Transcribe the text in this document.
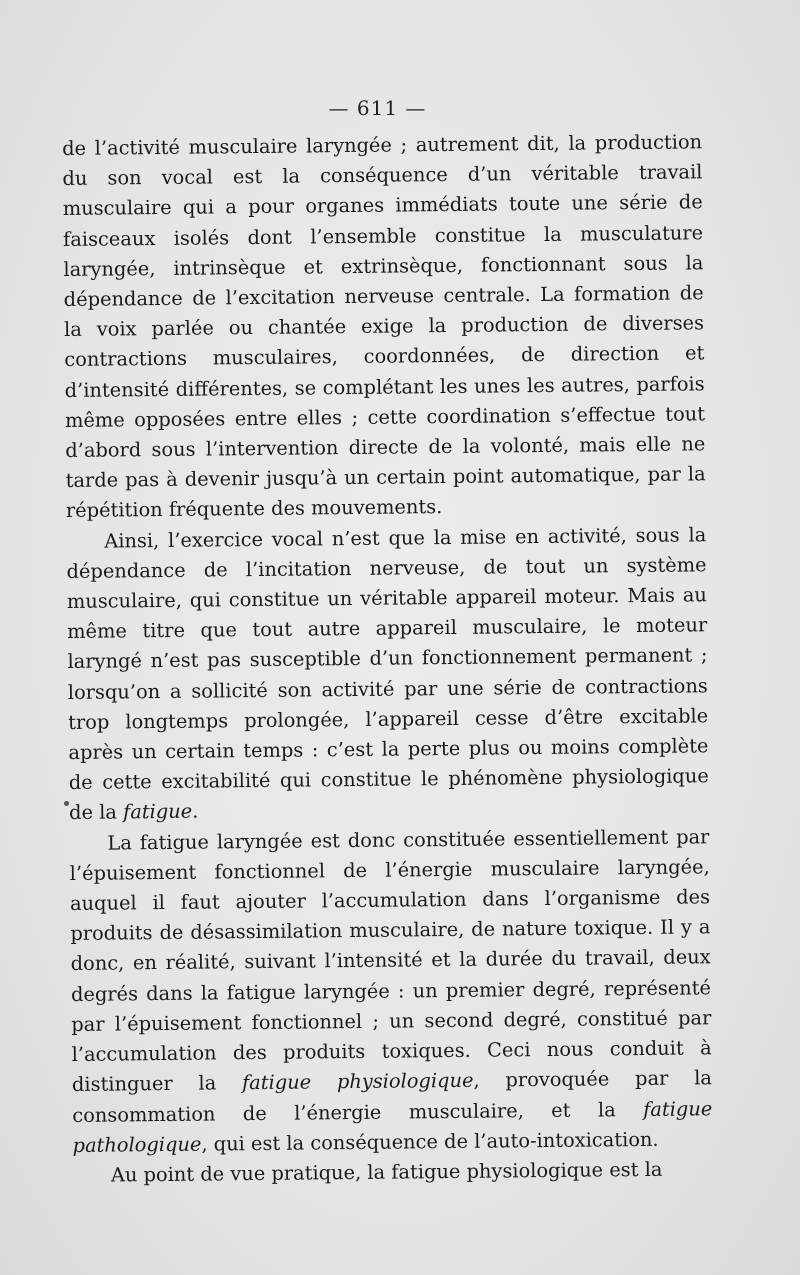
— 611 —

de l’activité musculaire laryngée ; autrement dit, la production du son vocal est la conséquence d’un véritable travail musculaire qui a pour organes immédiats toute une série de faisceaux isolés dont l’ensemble constitue la musculature laryngée, intrinsèque et extrinsèque, fonctionnant sous la dépendance de l’excitation nerveuse centrale. La formation de la voix parlée ou chantée exige la production de diverses contractions musculaires, coordonnées, de direction et d’intensité différentes, se complétant les unes les autres, parfois même opposées entre elles ; cette coordination s’effectue tout d’abord sous l’intervention directe de la volonté, mais elle ne tarde pas à devenir jusqu’à un certain point automatique, par la répétition fréquente des mouvements.

Ainsi, l’exercice vocal n’est que la mise en activité, sous la dépendance de l’incitation nerveuse, de tout un système musculaire, qui constitue un véritable appareil moteur. Mais au même titre que tout autre appareil musculaire, le moteur laryngé n’est pas susceptible d’un fonctionnement permanent ; lorsqu’on a sollicité son activité par une série de contractions trop longtemps prolongée, l’appareil cesse d’être excitable après un certain temps : c’est la perte plus ou moins complète de cette excitabilité qui constitue le phénomène physiologique de la fatigue.

La fatigue laryngée est donc constituée essentiellement par l’épuisement fonctionnel de l’énergie musculaire laryngée, auquel il faut ajouter l’accumulation dans l’organisme des produits de désassimilation musculaire, de nature toxique. Il y a donc, en réalité, suivant l’intensité et la durée du travail, deux degrés dans la fatigue laryngée : un premier degré, représenté par l’épuisement fonctionnel ; un second degré, constitué par l’accumulation des produits toxiques. Ceci nous conduit à distinguer la fatigue physiologique, provoquée par la consommation de l’énergie musculaire, et la fatigue pathologique, qui est la conséquence de l’auto-intoxication.

Au point de vue pratique, la fatigue physiologique est la
